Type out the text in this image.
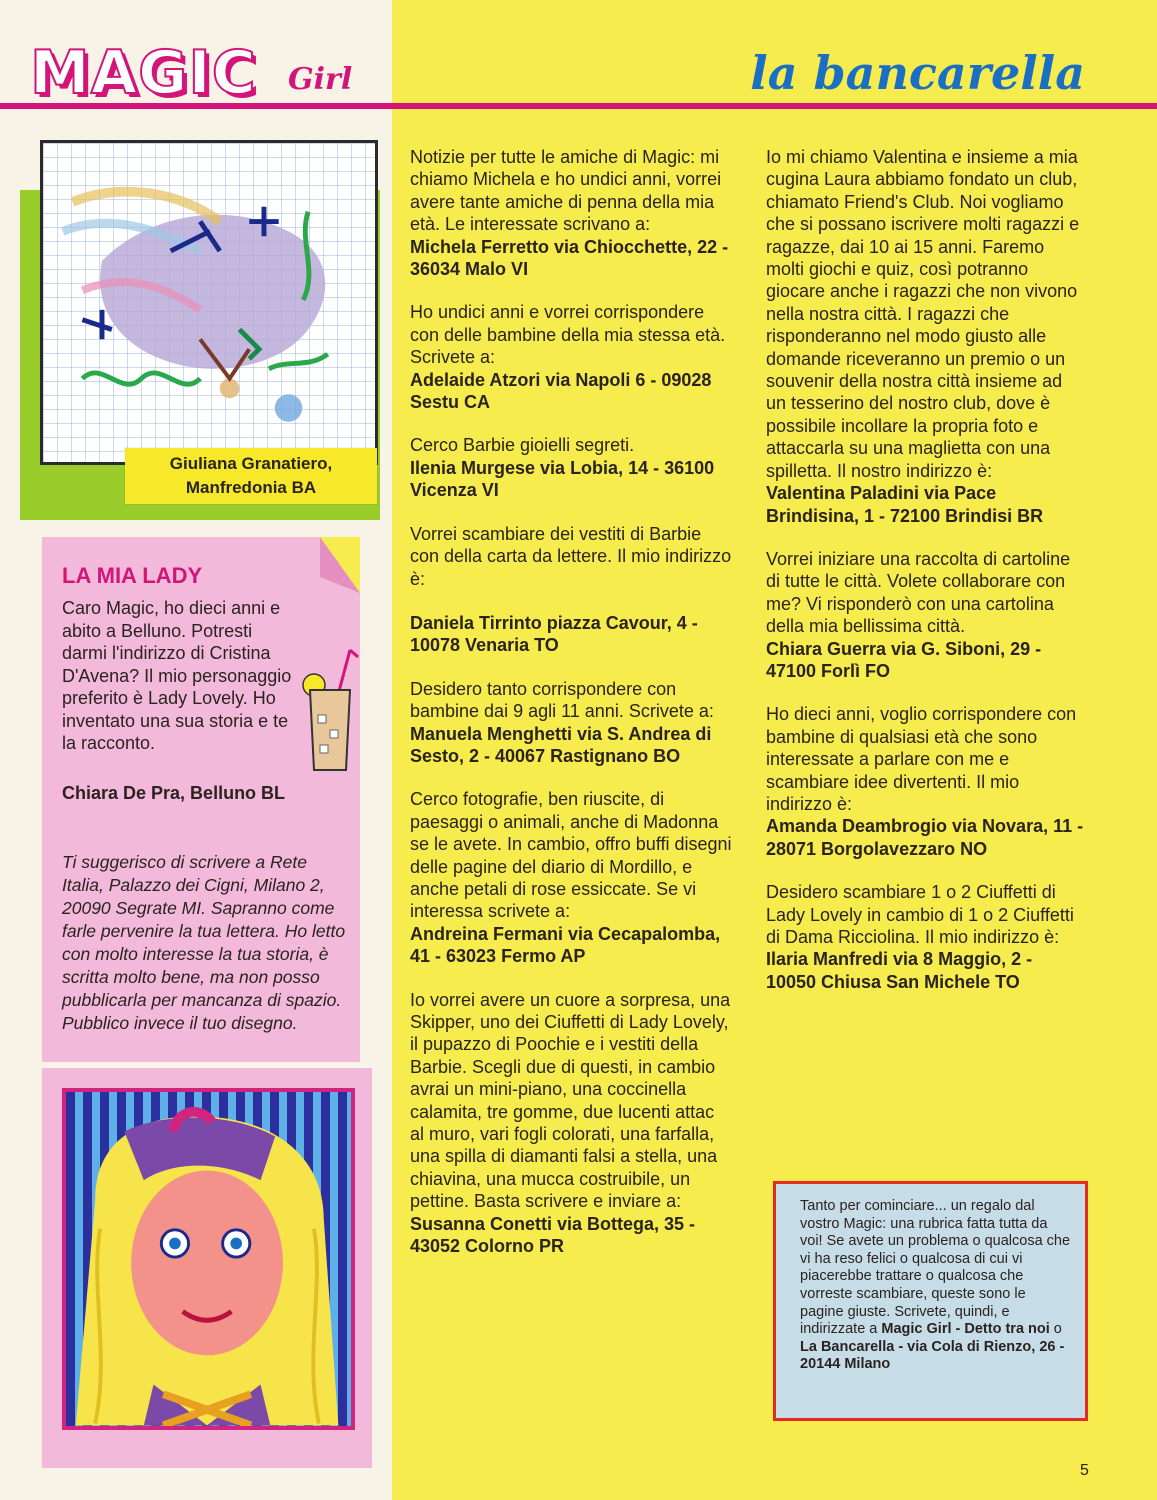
MAGIC Girl	la bancarella
Giuliana Granatiero,
Manfredonia BA
LA MIA LADY
Caro Magic, ho dieci anni e abito a Belluno. Potresti darmi l'indirizzo di Cristina D'Avena? Il mio personaggio preferito è Lady Lovely. Ho inventato una sua storia e te la racconto.
Chiara De Pra, Belluno BL
Ti suggerisco di scrivere a Rete Italia, Palazzo dei Cigni, Milano 2, 20090 Segrate MI. Sapranno come farle pervenire la tua lettera. Ho letto con molto interesse la tua storia, è scritta molto bene, ma non posso pubblicarla per mancanza di spazio. Pubblico invece il tuo disegno.
Notizie per tutte le amiche di Magic: mi chiamo Michela e ho undici anni, vorrei avere tante amiche di penna della mia età. Le interessate scrivano a:
Michela Ferretto via Chiocchette, 22 - 36034 Malo VI
Ho undici anni e vorrei corrispondere con delle bambine della mia stessa età. Scrivete a:
Adelaide Atzori via Napoli 6 - 09028 Sestu CA
Cerco Barbie gioielli segreti.
Ilenia Murgese via Lobia, 14 - 36100 Vicenza VI
Vorrei scambiare dei vestiti di Barbie con della carta da lettere. Il mio indirizzo è:
Daniela Tirrinto piazza Cavour, 4 - 10078 Venaria TO
Desidero tanto corrispondere con bambine dai 9 agli 11 anni. Scrivete a:
Manuela Menghetti via S. Andrea di Sesto, 2 - 40067 Rastignano BO
Cerco fotografie, ben riuscite, di paesaggi o animali, anche di Madonna se le avete. In cambio, offro buffi disegni delle pagine del diario di Mordillo, e anche petali di rose essiccate. Se vi interessa scrivete a:
Andreina Fermani via Cecapalomba, 41 - 63023 Fermo AP
Io vorrei avere un cuore a sorpresa, una Skipper, uno dei Ciuffetti di Lady Lovely, il pupazzo di Poochie e i vestiti della Barbie. Scegli due di questi, in cambio avrai un mini-piano, una coccinella calamita, tre gomme, due lucenti attac al muro, vari fogli colorati, una farfalla, una spilla di diamanti falsi a stella, una chiavina, una mucca costruibile, un pettine. Basta scrivere e inviare a:
Susanna Conetti via Bottega, 35 - 43052 Colorno PR
Io mi chiamo Valentina e insieme a mia cugina Laura abbiamo fondato un club, chiamato Friend's Club. Noi vogliamo che si possano iscrivere molti ragazzi e ragazze, dai 10 ai 15 anni. Faremo molti giochi e quiz, così potranno giocare anche i ragazzi che non vivono nella nostra città. I ragazzi che risponderanno nel modo giusto alle domande riceveranno un premio o un souvenir della nostra città insieme ad un tesserino del nostro club, dove è possibile incollare la propria foto e attaccarla su una maglietta con una spilletta. Il nostro indirizzo è:
Valentina Paladini via Pace Brindisina, 1 - 72100 Brindisi BR
Vorrei iniziare una raccolta di cartoline di tutte le città. Volete collaborare con me? Vi risponderò con una cartolina della mia bellissima città.
Chiara Guerra via G. Siboni, 29 - 47100 Forlì FO
Ho dieci anni, voglio corrispondere con bambine di qualsiasi età che sono interessate a parlare con me e scambiare idee divertenti. Il mio indirizzo è:
Amanda Deambrogio via Novara, 11 - 28071 Borgolavezzaro NO
Desidero scambiare 1 o 2 Ciuffetti di Lady Lovely in cambio di 1 o 2 Ciuffetti di Dama Ricciolina. Il mio indirizzo è:
Ilaria Manfredi via 8 Maggio, 2 - 10050 Chiusa San Michele TO
Tanto per cominciare... un regalo dal vostro Magic: una rubrica fatta tutta da voi! Se avete un problema o qualcosa che vi ha reso felici o qualcosa di cui vi piacerebbe trattare o qualcosa che vorreste scambiare, queste sono le pagine giuste. Scrivete, quindi, e indirizzate a Magic Girl - Detto tra noi o La Bancarella - via Cola di Rienzo, 26 - 20144 Milano
5
